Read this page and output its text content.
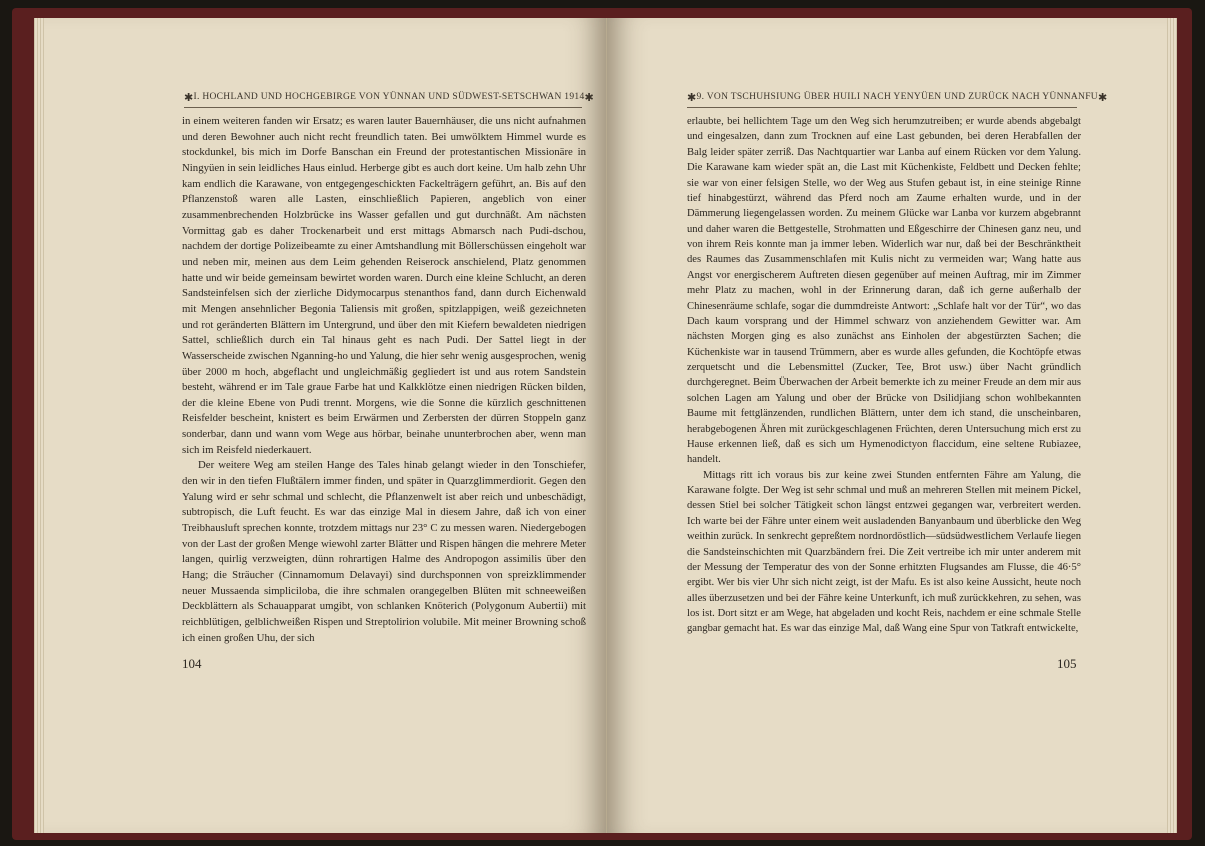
✱ I. HOCHLAND UND HOCHGEBIRGE VON YÜNNAN UND SÜDWEST-SETSCHWAN 1914 ✱

in einem weiteren fanden wir Ersatz; es waren lauter Bauernhäuser, die uns nicht aufnahmen und deren Bewohner auch nicht recht freundlich taten. Bei umwölktem Himmel wurde es stockdunkel, bis mich im Dorfe Banschan ein Freund der protestantischen Missionäre in Ningyüen in sein leidliches Haus einlud. Herberge gibt es auch dort keine. Um halb zehn Uhr kam endlich die Karawane, von entgegengeschickten Fackelträgern geführt, an. Bis auf den Pflanzenstoß waren alle Lasten, einschließlich Papieren, angeblich von einer zusammenbrechenden Holzbrücke ins Wasser gefallen und gut durchnäßt. Am nächsten Vormittag gab es daher Trockenarbeit und erst mittags Abmarsch nach Pudi-dschou, nachdem der dortige Polizeibeamte zu einer Amtshandlung mit Böllerschüssen eingeholt war und neben mir, meinen aus dem Leim gehenden Reiserock anschielend, Platz genommen hatte und wir beide gemeinsam bewirtet worden waren. Durch eine kleine Schlucht, an deren Sandsteinfelsen sich der zierliche Didymocarpus stenanthos fand, dann durch Eichenwald mit Mengen ansehnlicher Begonia Taliensis mit großen, spitzlappigen, weiß gezeichneten und rot geränderten Blättern im Untergrund, und über den mit Kiefern bewaldeten niedrigen Sattel, schließlich durch ein Tal hinaus geht es nach Pudi. Der Sattel liegt in der Wasserscheide zwischen Nganning-ho und Yalung, die hier sehr wenig ausgesprochen, wenig über 2000 m hoch, abgeflacht und ungleichmäßig gegliedert ist und aus rotem Sandstein besteht, während er im Tale graue Farbe hat und Kalkklötze einen niedrigen Rücken bilden, der die kleine Ebene von Pudi trennt. Morgens, wie die Sonne die kürzlich geschnittenen Reisfelder bescheint, knistert es beim Erwärmen und Zerbersten der dürren Stoppeln ganz sonderbar, dann und wann vom Wege aus hörbar, beinahe ununterbrochen aber, wenn man sich im Reisfeld niederkauert.

Der weitere Weg am steilen Hange des Tales hinab gelangt wieder in den Tonschiefer, den wir in den tiefen Flußtälern immer finden, und später in Quarzglimmerdiorit. Gegen den Yalung wird er sehr schmal und schlecht, die Pflanzenwelt ist aber reich und unbeschädigt, subtropisch, die Luft feucht. Es war das einzige Mal in diesem Jahre, daß ich von einer Treibhausluft sprechen konnte, trotzdem mittags nur 23° C zu messen waren. Niedergebogen von der Last der großen Menge wiewohl zarter Blätter und Rispen hängen die mehrere Meter langen, quirlig verzweigten, dünn rohrartigen Halme des Andropogon assimilis über den Hang; die Sträucher (Cinnamomum Delavayi) sind durchsponnen von spreizklimmender neuer Mussaenda simpliciloba, die ihre schmalen orangegelben Blüten mit schneeweißen Deckblättern als Schauapparat umgibt, von schlanken Knöterich (Polygonum Aubertii) mit reichblütigen, gelblichweißen Rispen und Streptolirion volubile. Mit meiner Browning schoß ich einen großen Uhu, der sich

104
✱ 9. VON TSCHUHSIUNG ÜBER HUILI NACH YENYÜEN UND ZURÜCK NACH YÜNNANFU ✱

erlaubte, bei hellichtem Tage um den Weg sich herumzutreiben; er wurde abends abgebalgt und eingesalzen, dann zum Trocknen auf eine Last gebunden, bei deren Herabfallen der Balg leider später zerriß. Das Nachtquartier war Lanba auf einem Rücken vor dem Yalung. Die Karawane kam wieder spät an, die Last mit Küchenkiste, Feldbett und Decken fehlte; sie war von einer felsigen Stelle, wo der Weg aus Stufen gebaut ist, in eine steinige Rinne tief hinabgestürzt, während das Pferd noch am Zaume erhalten wurde, und in der Dämmerung liegengelassen worden. Zu meinem Glücke war Lanba vor kurzem abgebrannt und daher waren die Bettgestelle, Strohmatten und Eßgeschirre der Chinesen ganz neu, und von ihrem Reis konnte man ja immer leben. Widerlich war nur, daß bei der Beschränktheit des Raumes das Zusammenschlafen mit Kulis nicht zu vermeiden war; Wang hatte aus Angst vor energischerem Auftreten diesen gegenüber auf meinen Auftrag, mir im Zimmer mehr Platz zu machen, wohl in der Erinnerung daran, daß ich gerne außerhalb der Chinesenräume schlafe, sogar die dummdreiste Antwort: „Schlafe halt vor der Tür“, wo das Dach kaum vorsprang und der Himmel schwarz von anziehendem Gewitter war. Am nächsten Morgen ging es also zunächst ans Einholen der abgestürzten Sachen; die Küchenkiste war in tausend Trümmern, aber es wurde alles gefunden, die Kochtöpfe etwas zerquetscht und die Lebensmittel (Zucker, Tee, Brot usw.) über Nacht gründlich durchgeregnet. Beim Überwachen der Arbeit bemerkte ich zu meiner Freude an dem mir aus solchen Lagen am Yalung und ober der Brücke von Dsilidjiang schon wohlbekannten Baume mit fettglänzenden, rundlichen Blättern, unter dem ich stand, die unscheinbaren, herabgebogenen Ähren mit zurückgeschlagenen Früchten, deren Untersuchung mich erst zu Hause erkennen ließ, daß es sich um Hymenodictyon flaccidum, eine seltene Rubiazee, handelt.

Mittags ritt ich voraus bis zur keine zwei Stunden entfernten Fähre am Yalung, die Karawane folgte. Der Weg ist sehr schmal und muß an mehreren Stellen mit meinem Pickel, dessen Stiel bei solcher Tätigkeit schon längst entzwei gegangen war, verbreitert werden. Ich warte bei der Fähre unter einem weit ausladenden Banyanbaum und überblicke den Weg weithin zurück. In senkrecht gepreßtem nordnordöstlich—südsüdwestlichem Verlaufe liegen die Sandsteinschichten mit Quarzbändern frei. Die Zeit vertreibe ich mir unter anderem mit der Messung der Temperatur des von der Sonne erhitzten Flugsandes am Flusse, die 46·5° ergibt. Wer bis vier Uhr sich nicht zeigt, ist der Mafu. Es ist also keine Aussicht, heute noch alles überzusetzen und bei der Fähre keine Unterkunft, ich muß zurückkehren, zu sehen, was los ist. Dort sitzt er am Wege, hat abgeladen und kocht Reis, nachdem er eine schmale Stelle gangbar gemacht hat. Es war das einzige Mal, daß Wang eine Spur von Tatkraft entwickelte,

105
